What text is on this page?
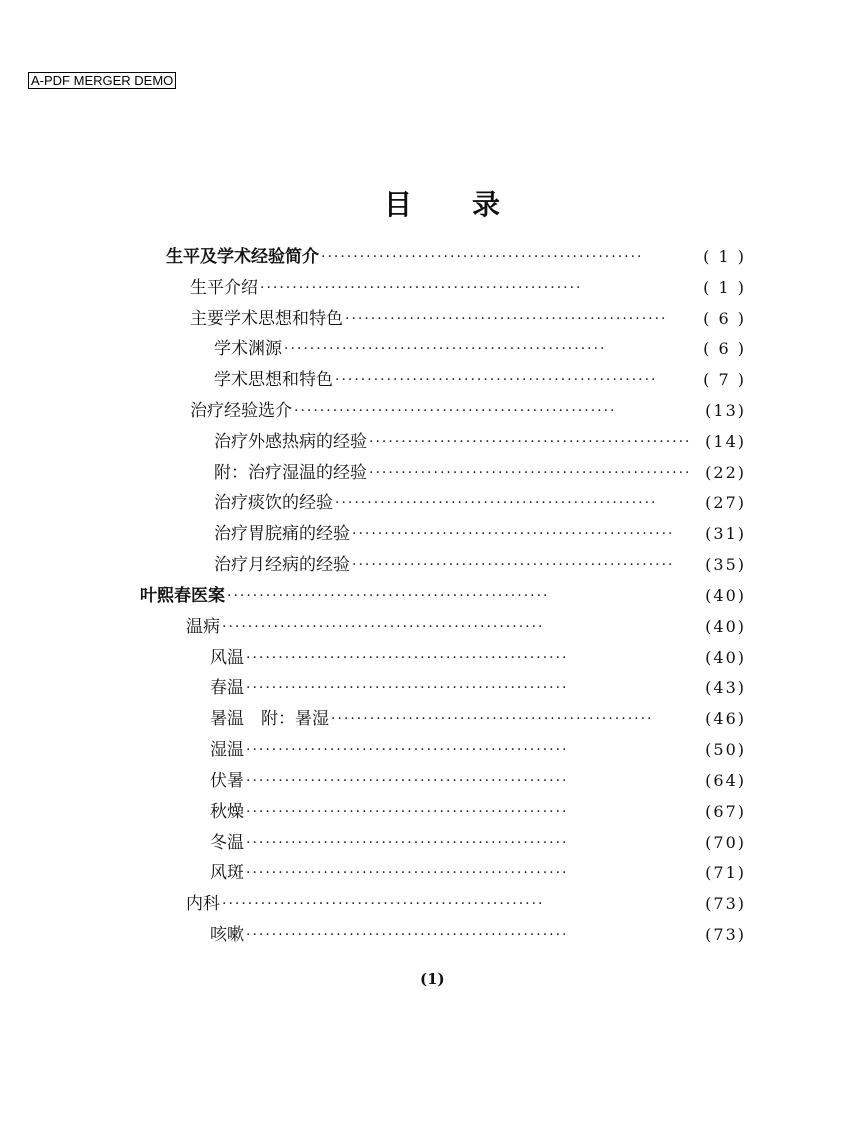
A-PDF MERGER DEMO
目 录
生平及学术经验简介 ··················································	( 1 )
生平介绍 ··················································	( 1 )
主要学术思想和特色 ··················································	( 6 )
学术渊源 ··················································	( 6 )
学术思想和特色 ··················································	( 7 )
治疗经验选介 ··················································	(13)
治疗外感热病的经验 ·················································· (14)
附：治疗湿温的经验 ·················································· (22)
治疗痰饮的经验 ··················································	(27)
治疗胃脘痛的经验 ··················································	(31)
治疗月经病的经验 ··················································	(35)
叶熙春医案 ··················································	(40)
温病 ··················································	(40)
风温 ··················································	(40)
春温 ··················································	(43)
暑温　附：暑湿 ··················································	(46)
湿温 ··················································	(50)
伏暑 ··················································	(64)
秋燥 ··················································	(67)
冬温 ··················································	(70)
风斑 ··················································	(71)
内科 ··················································	(73)
咳嗽 ··················································	(73)
(1)
